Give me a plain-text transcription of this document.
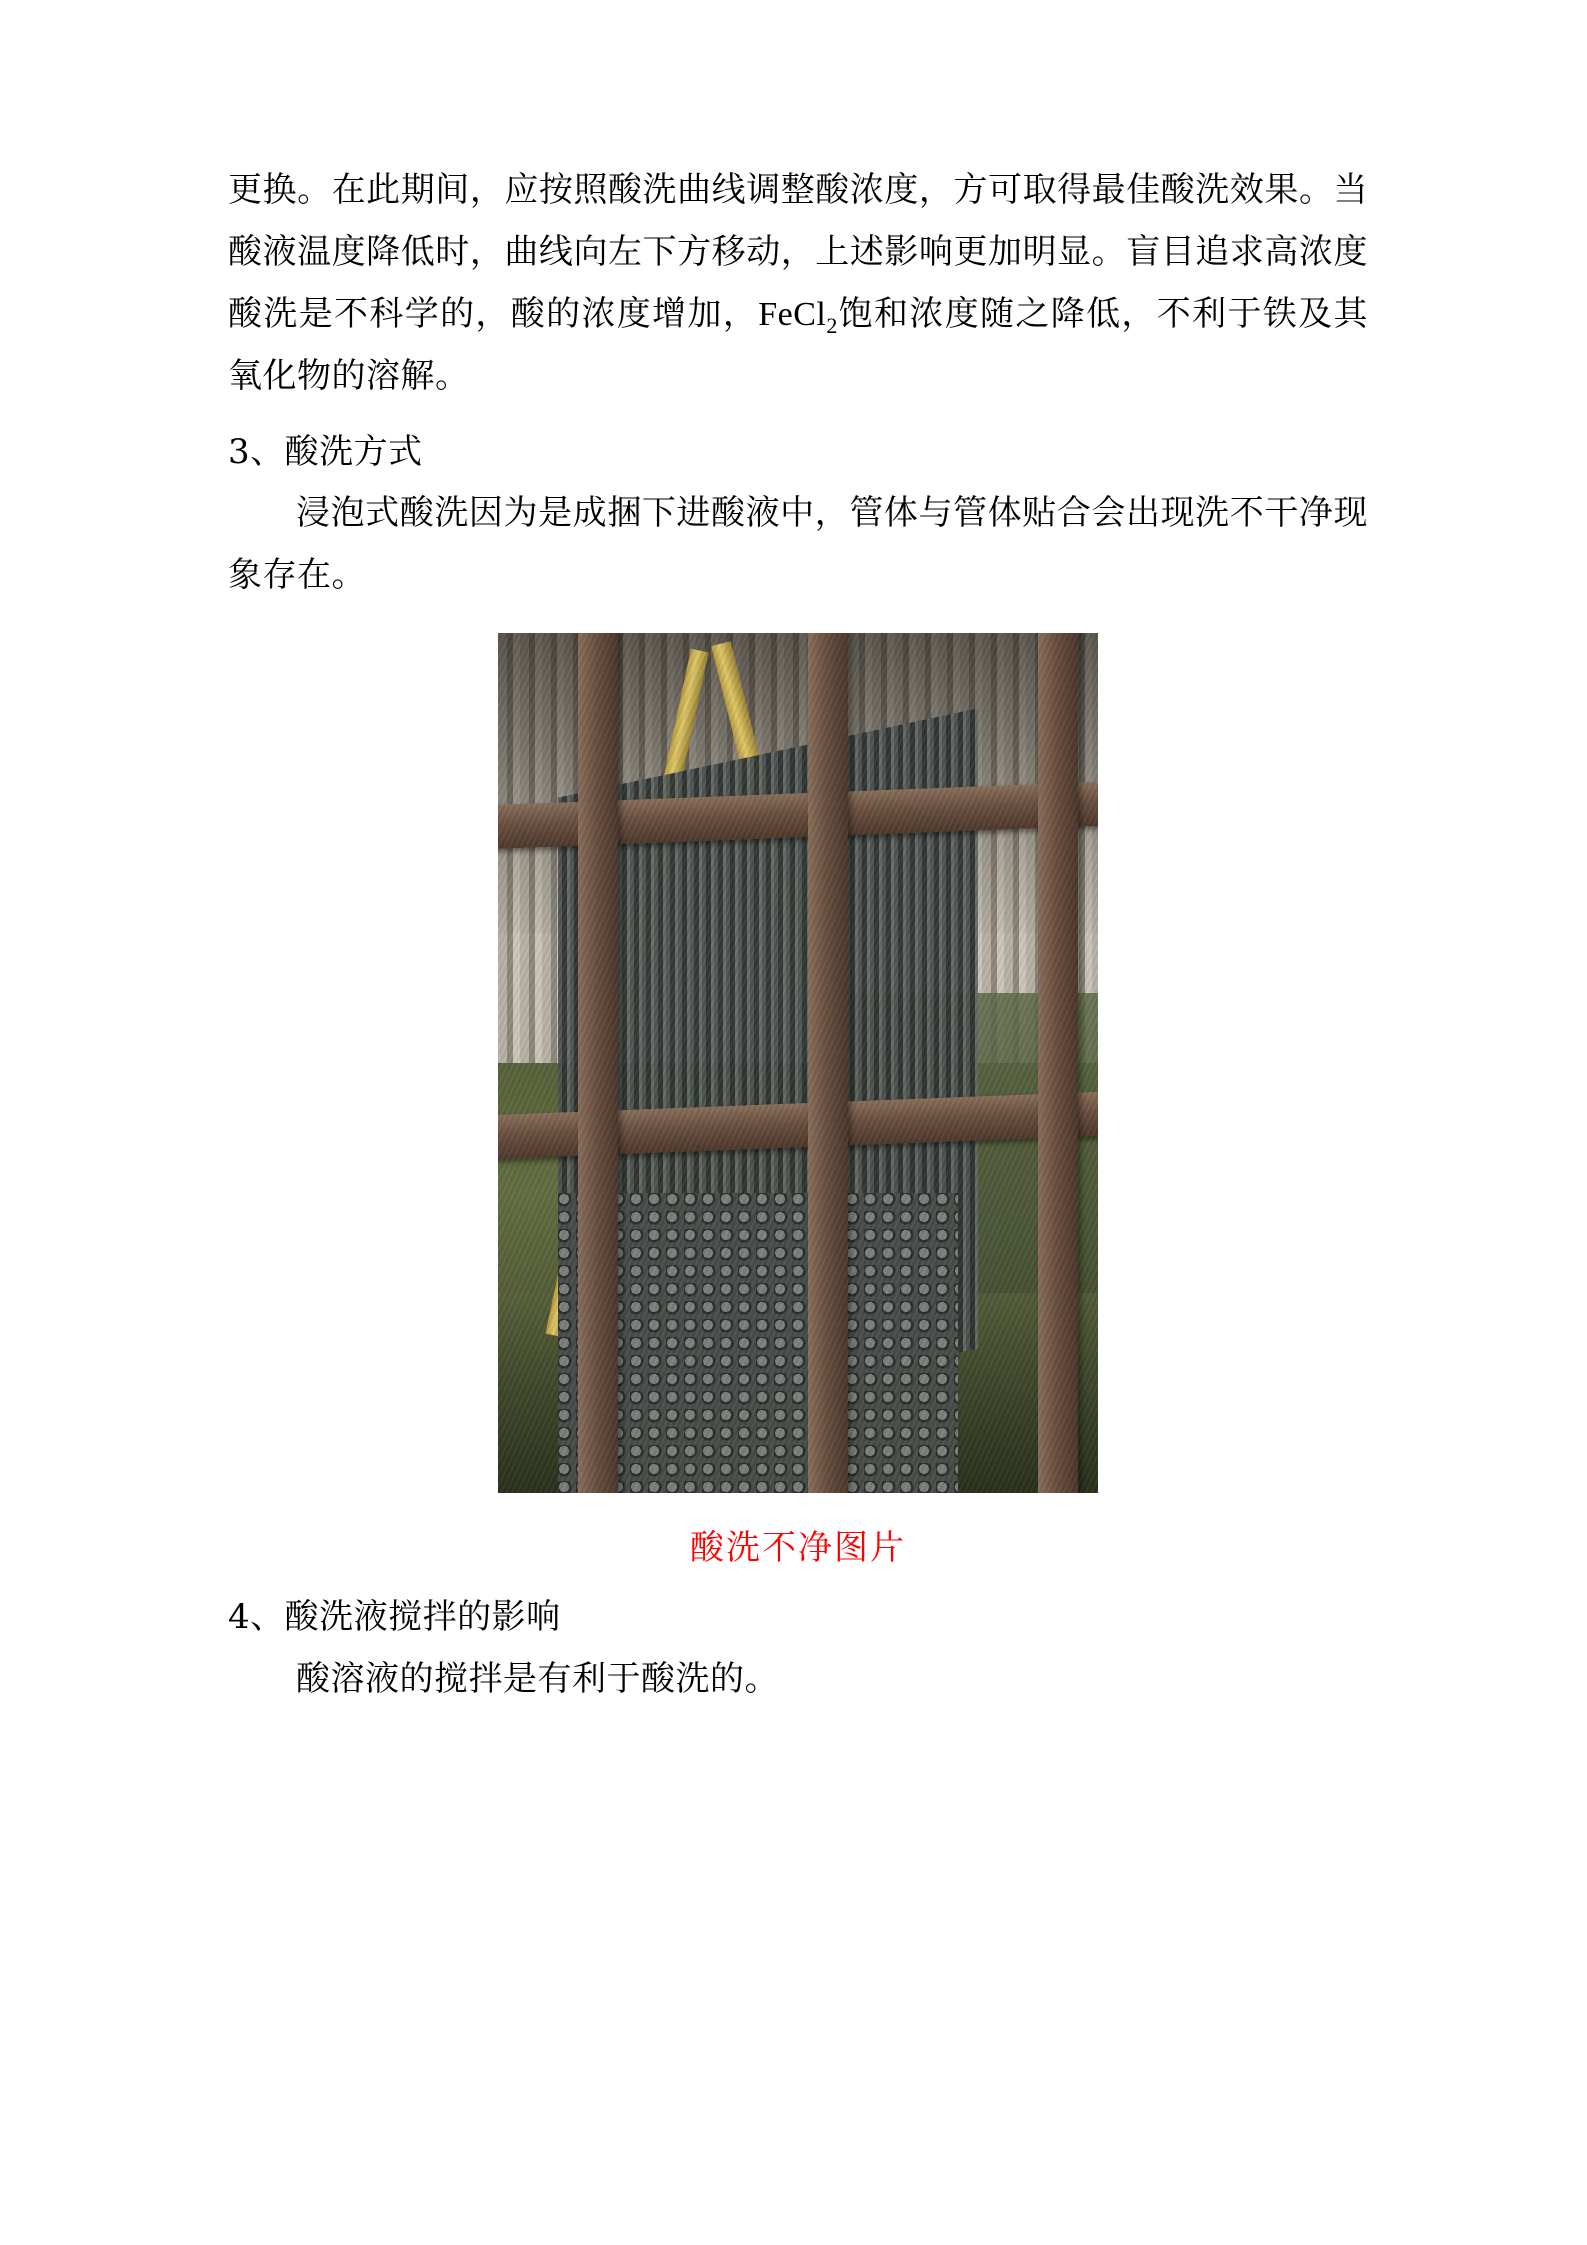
更换。在此期间，应按照酸洗曲线调整酸浓度，方可取得最佳酸洗效果。当酸液温度降低时，曲线向左下方移动，上述影响更加明显。盲目追求高浓度酸洗是不科学的，酸的浓度增加，FeCl$_2$饱和浓度随之降低，不利于铁及其氧化物的溶解。

3、酸洗方式

浸泡式酸洗因为是成捆下进酸液中，管体与管体贴合会出现洗不干净现象存在。

酸洗不净图片

4、酸洗液搅拌的影响

酸溶液的搅拌是有利于酸洗的。
